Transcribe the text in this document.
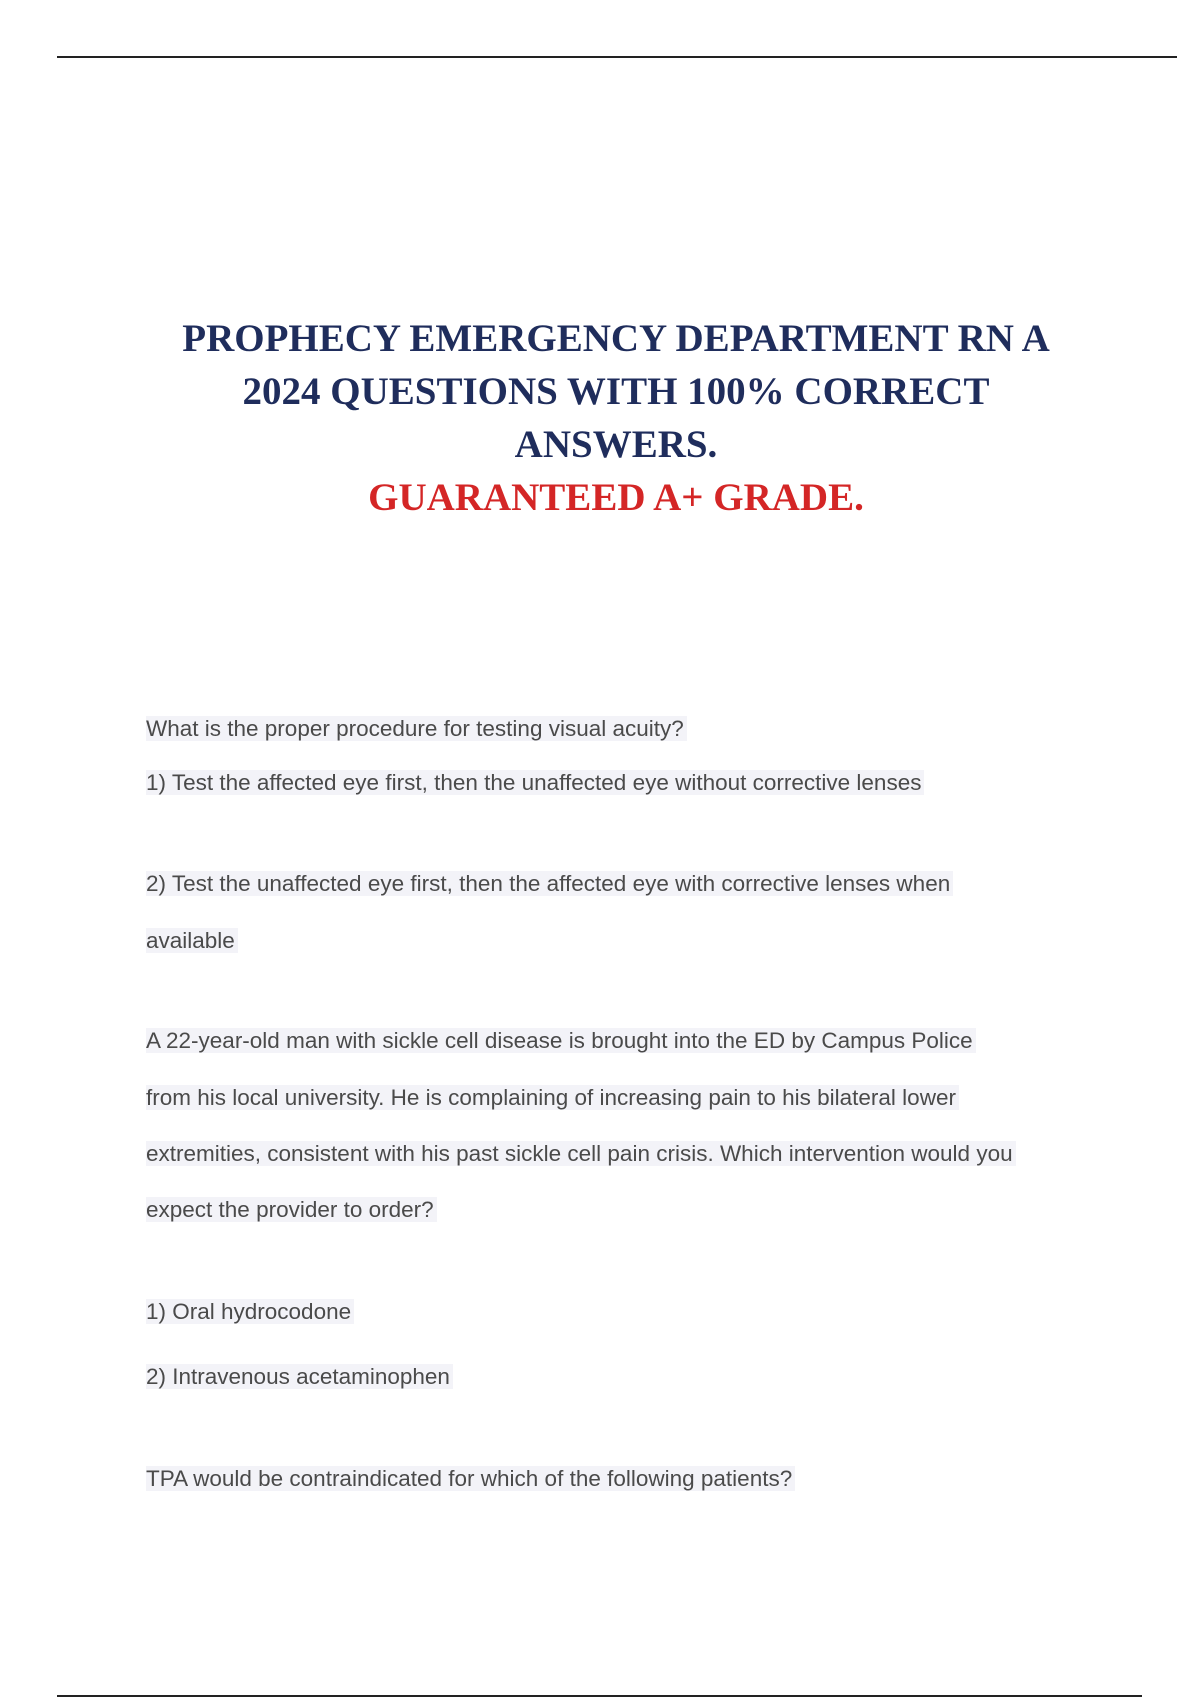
PROPHECY EMERGENCY DEPARTMENT RN A
2024 QUESTIONS WITH 100% CORRECT
ANSWERS.
GUARANTEED A+ GRADE.
What is the proper procedure for testing visual acuity?
1) Test the affected eye first, then the unaffected eye without corrective lenses
2) Test the unaffected eye first, then the affected eye with corrective lenses when
available
A 22-year-old man with sickle cell disease is brought into the ED by Campus Police
from his local university. He is complaining of increasing pain to his bilateral lower
extremities, consistent with his past sickle cell pain crisis. Which intervention would you
expect the provider to order?
1) Oral hydrocodone
2) Intravenous acetaminophen
TPA would be contraindicated for which of the following patients?
